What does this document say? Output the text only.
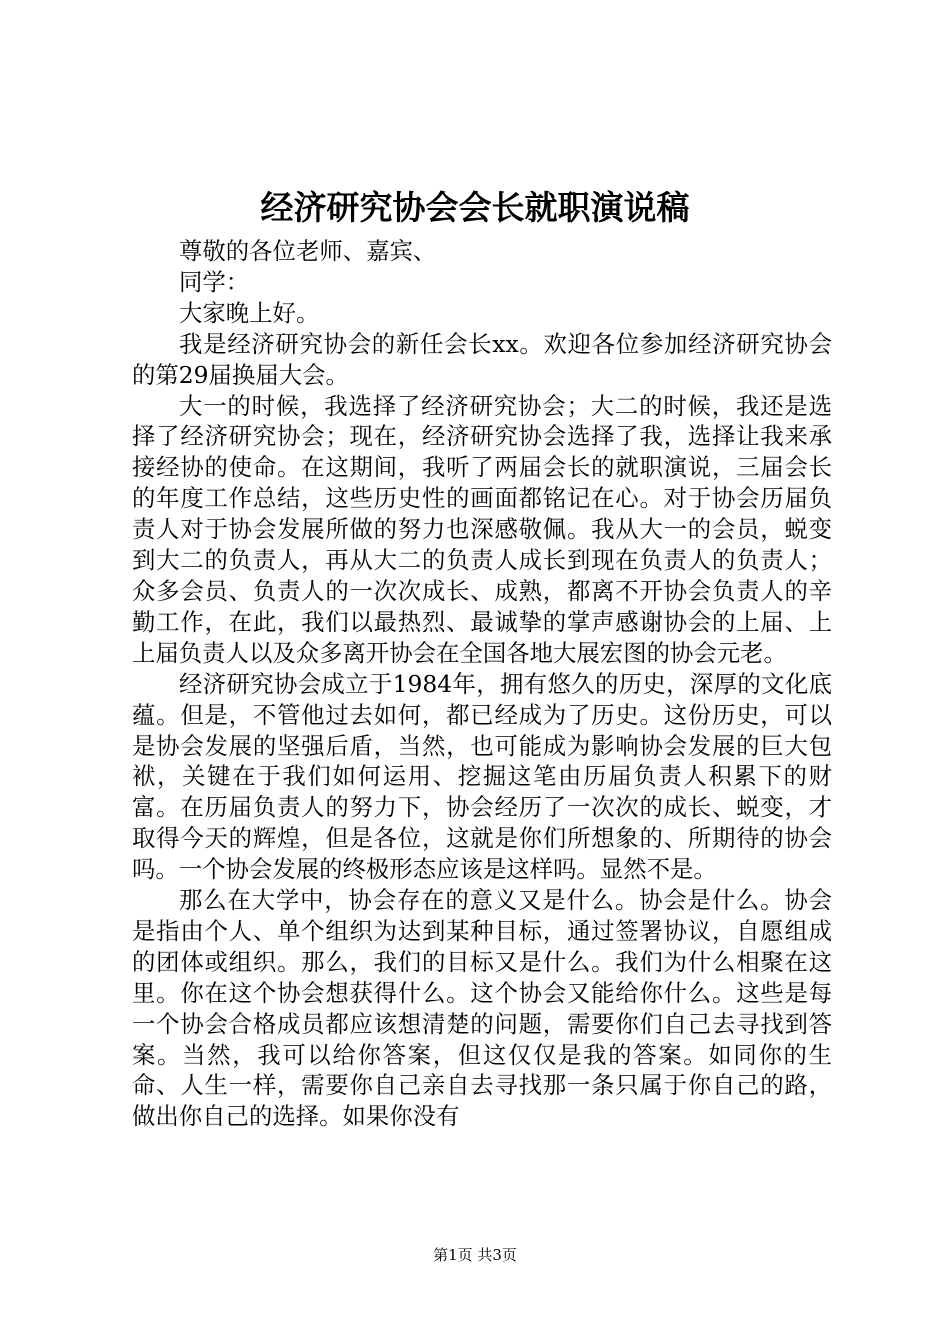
经济研究协会会长就职演说稿

尊敬的各位老师、嘉宾、

同学：

大家晚上好。

我是经济研究协会的新任会长xx。欢迎各位参加经济研究协会的第29届换届大会。

大一的时候，我选择了经济研究协会；大二的时候，我还是选择了经济研究协会；现在，经济研究协会选择了我，选择让我来承接经协的使命。在这期间，我听了两届会长的就职演说，三届会长的年度工作总结，这些历史性的画面都铭记在心。对于协会历届负责人对于协会发展所做的努力也深感敬佩。我从大一的会员，蜕变到大二的负责人，再从大二的负责人成长到现在负责人的负责人；众多会员、负责人的一次次成长、成熟，都离不开协会负责人的辛勤工作，在此，我们以最热烈、最诚挚的掌声感谢协会的上届、上上届负责人以及众多离开协会在全国各地大展宏图的协会元老。

经济研究协会成立于1984年，拥有悠久的历史，深厚的文化底蕴。但是，不管他过去如何，都已经成为了历史。这份历史，可以是协会发展的坚强后盾，当然，也可能成为影响协会发展的巨大包袱，关键在于我们如何运用、挖掘这笔由历届负责人积累下的财富。在历届负责人的努力下，协会经历了一次次的成长、蜕变，才取得今天的辉煌，但是各位，这就是你们所想象的、所期待的协会吗。一个协会发展的终极形态应该是这样吗。显然不是。

那么在大学中，协会存在的意义又是什么。协会是什么。协会是指由个人、单个组织为达到某种目标，通过签署协议，自愿组成的团体或组织。那么，我们的目标又是什么。我们为什么相聚在这里。你在这个协会想获得什么。这个协会又能给你什么。这些是每一个协会合格成员都应该想清楚的问题，需要你们自己去寻找到答案。当然，我可以给你答案，但这仅仅是我的答案。如同你的生命、人生一样，需要你自己亲自去寻找那一条只属于你自己的路，做出你自己的选择。如果你没有

第1页 共3页
